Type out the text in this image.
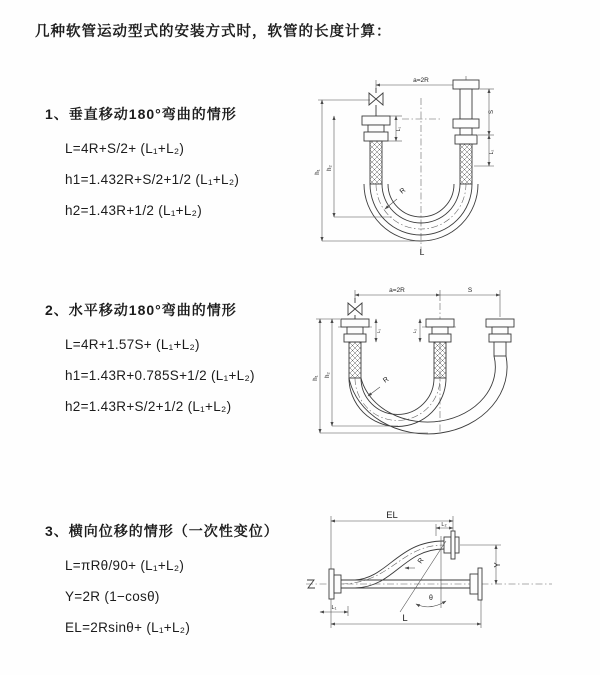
几种软管运动型式的安装方式时，软管的长度计算：

1、垂直移动180°弯曲的情形

L=4R+S/2+ (L₁+L₂)

h1=1.432R+S/2+1/2 (L₁+L₂)

h2=1.43R+1/2 (L₁+L₂)

2、水平移动180°弯曲的情形

L=4R+1.57S+ (L₁+L₂)

h1=1.43R+0.785S+1/2 (L₁+L₂)

h2=1.43R+S/2+1/2 (L₁+L₂)

3、横向位移的情形（一次性变位）

L=πRθ/90+ (L₁+L₂)

Y=2R (1−cosθ)

EL=2Rsinθ+ (L₁+L₂)

a=2R
h₁
h₂
L₁
S
L₂
R
L
a=2R	S
h₁
h₂
L₁	L₂
R
EL
L₂
Y
θ
R
L₁
L
